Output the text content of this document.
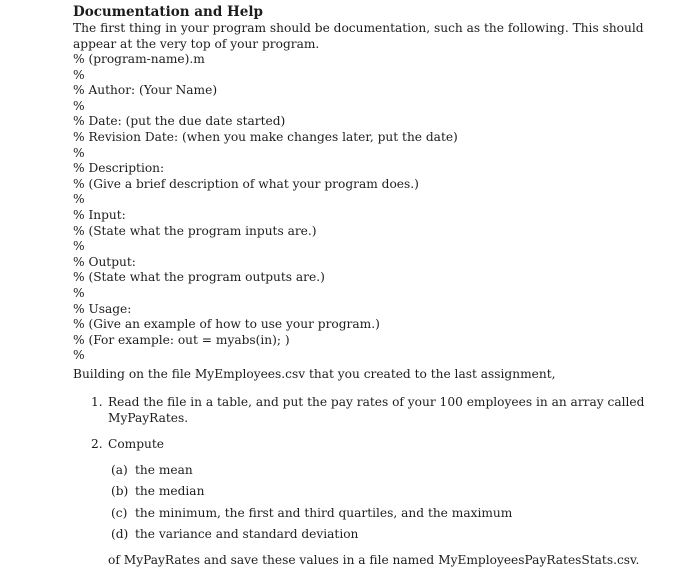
Documentation and Help

The first thing in your program should be documentation, such as the following. This should appear at the very top of your program.

% (program-name).m

%

% Author: (Your Name)

%

% Date: (put the due date started)

% Revision Date: (when you make changes later, put the date)

%

% Description:

% (Give a brief description of what your program does.)

%

% Input:

% (State what the program inputs are.)

%

% Output:

% (State what the program outputs are.)

%

% Usage:

% (Give an example of how to use your program.)

% (For example: out = myabs(in); )

%

Building on the file MyEmployees.csv that you created to the last assignment,

1. Read the file in a table, and put the pay rates of your 100 employees in an array called MyPayRates.
2. Compute
(a) the mean
(b) the median
(c) the minimum, the first and third quartiles, and the maximum
(d) the variance and standard deviation

of MyPayRates and save these values in a file named MyEmployeesPayRatesStats.csv.
